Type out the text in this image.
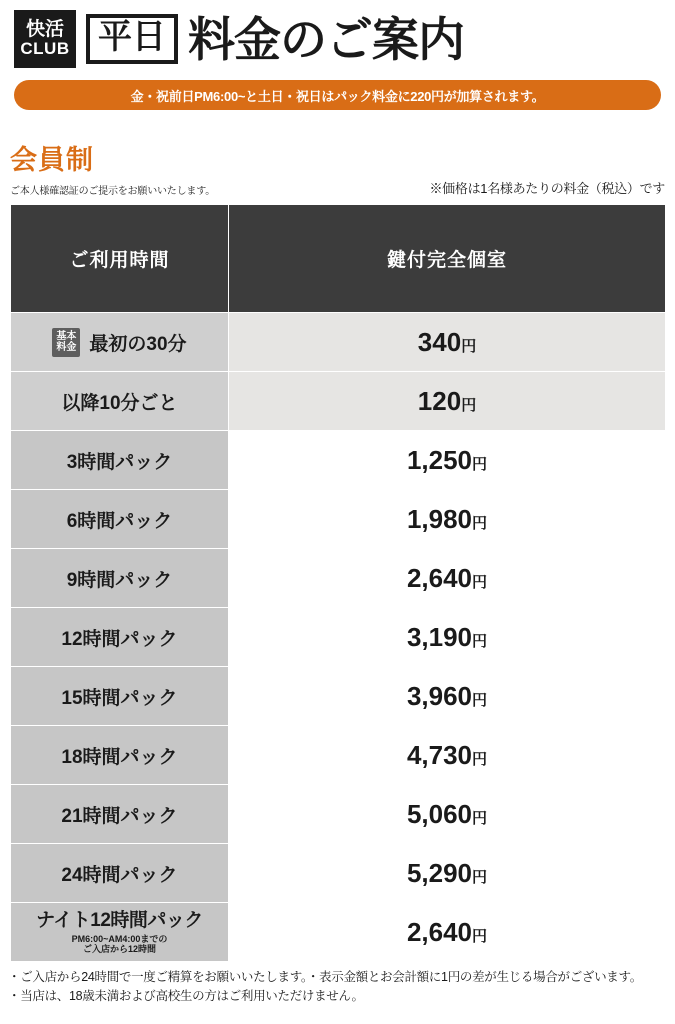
快活
CLUB 平日 料金のご案内
金・祝前日PM6:00~と土日・祝日はパック料金に220円が加算されます。
会員制
ご本人様確認証のご提示をお願いいたします。	※価格は1名様あたりの料金（税込）です
ご利用時間	鍵付完全個室

基本
料金 最初の30分	340円
以降10分ごと	120円
3時間パック	1,250円
6時間パック	1,980円
9時間パック	2,640円
12時間パック	3,190円
15時間パック	3,960円
18時間パック	4,730円
21時間パック	5,060円
24時間パック	5,290円

ナイト12時間パック
PM6:00~AM4:00までの
ご入店から12時間	2,640円
・ご入店から24時間で一度ご精算をお願いいたします。・表示金額とお会計額に1円の差が生じる場合がございます。
・当店は、18歳未満および高校生の方はご利用いただけません。
